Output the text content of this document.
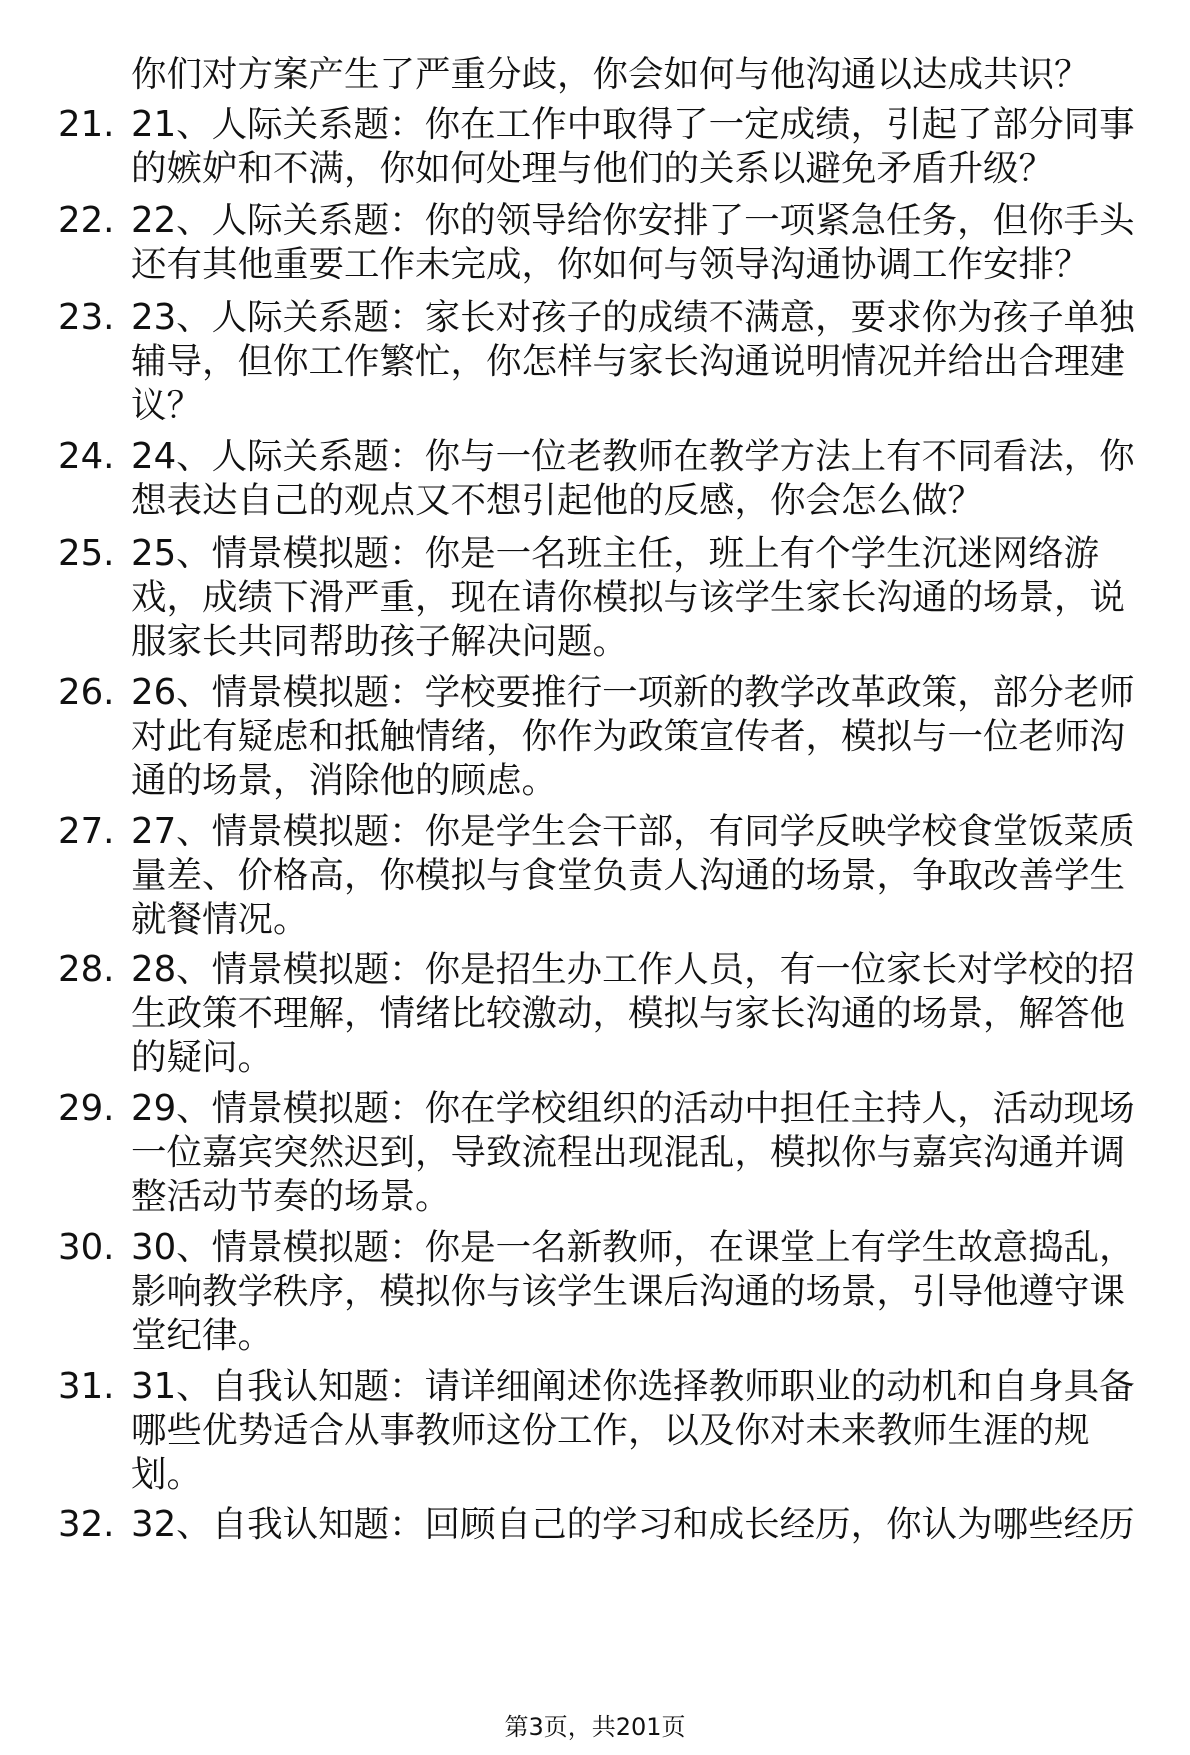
你们对方案产生了严重分歧，你会如何与他沟通以达成共识？
21. 21、人际关系题：你在工作中取得了一定成绩，引起了部分同事的嫉妒和不满，你如何处理与他们的关系以避免矛盾升级？
22. 22、人际关系题：你的领导给你安排了一项紧急任务，但你手头还有其他重要工作未完成，你如何与领导沟通协调工作安排？
23. 23、人际关系题：家长对孩子的成绩不满意，要求你为孩子单独辅导，但你工作繁忙，你怎样与家长沟通说明情况并给出合理建议？
24. 24、人际关系题：你与一位老教师在教学方法上有不同看法，你想表达自己的观点又不想引起他的反感，你会怎么做？
25. 25、情景模拟题：你是一名班主任，班上有个学生沉迷网络游戏，成绩下滑严重，现在请你模拟与该学生家长沟通的场景，说服家长共同帮助孩子解决问题。
26. 26、情景模拟题：学校要推行一项新的教学改革政策，部分老师对此有疑虑和抵触情绪，你作为政策宣传者，模拟与一位老师沟通的场景，消除他的顾虑。
27. 27、情景模拟题：你是学生会干部，有同学反映学校食堂饭菜质量差、价格高，你模拟与食堂负责人沟通的场景，争取改善学生就餐情况。
28. 28、情景模拟题：你是招生办工作人员，有一位家长对学校的招生政策不理解，情绪比较激动，模拟与家长沟通的场景，解答他的疑问。
29. 29、情景模拟题：你在学校组织的活动中担任主持人，活动现场一位嘉宾突然迟到，导致流程出现混乱，模拟你与嘉宾沟通并调整活动节奏的场景。
30. 30、情景模拟题：你是一名新教师，在课堂上有学生故意捣乱，影响教学秩序，模拟你与该学生课后沟通的场景，引导他遵守课堂纪律。
31. 31、自我认知题：请详细阐述你选择教师职业的动机和自身具备哪些优势适合从事教师这份工作，以及你对未来教师生涯的规划。
32. 32、自我认知题：回顾自己的学习和成长经历，你认为哪些经历
第3页，共201页
